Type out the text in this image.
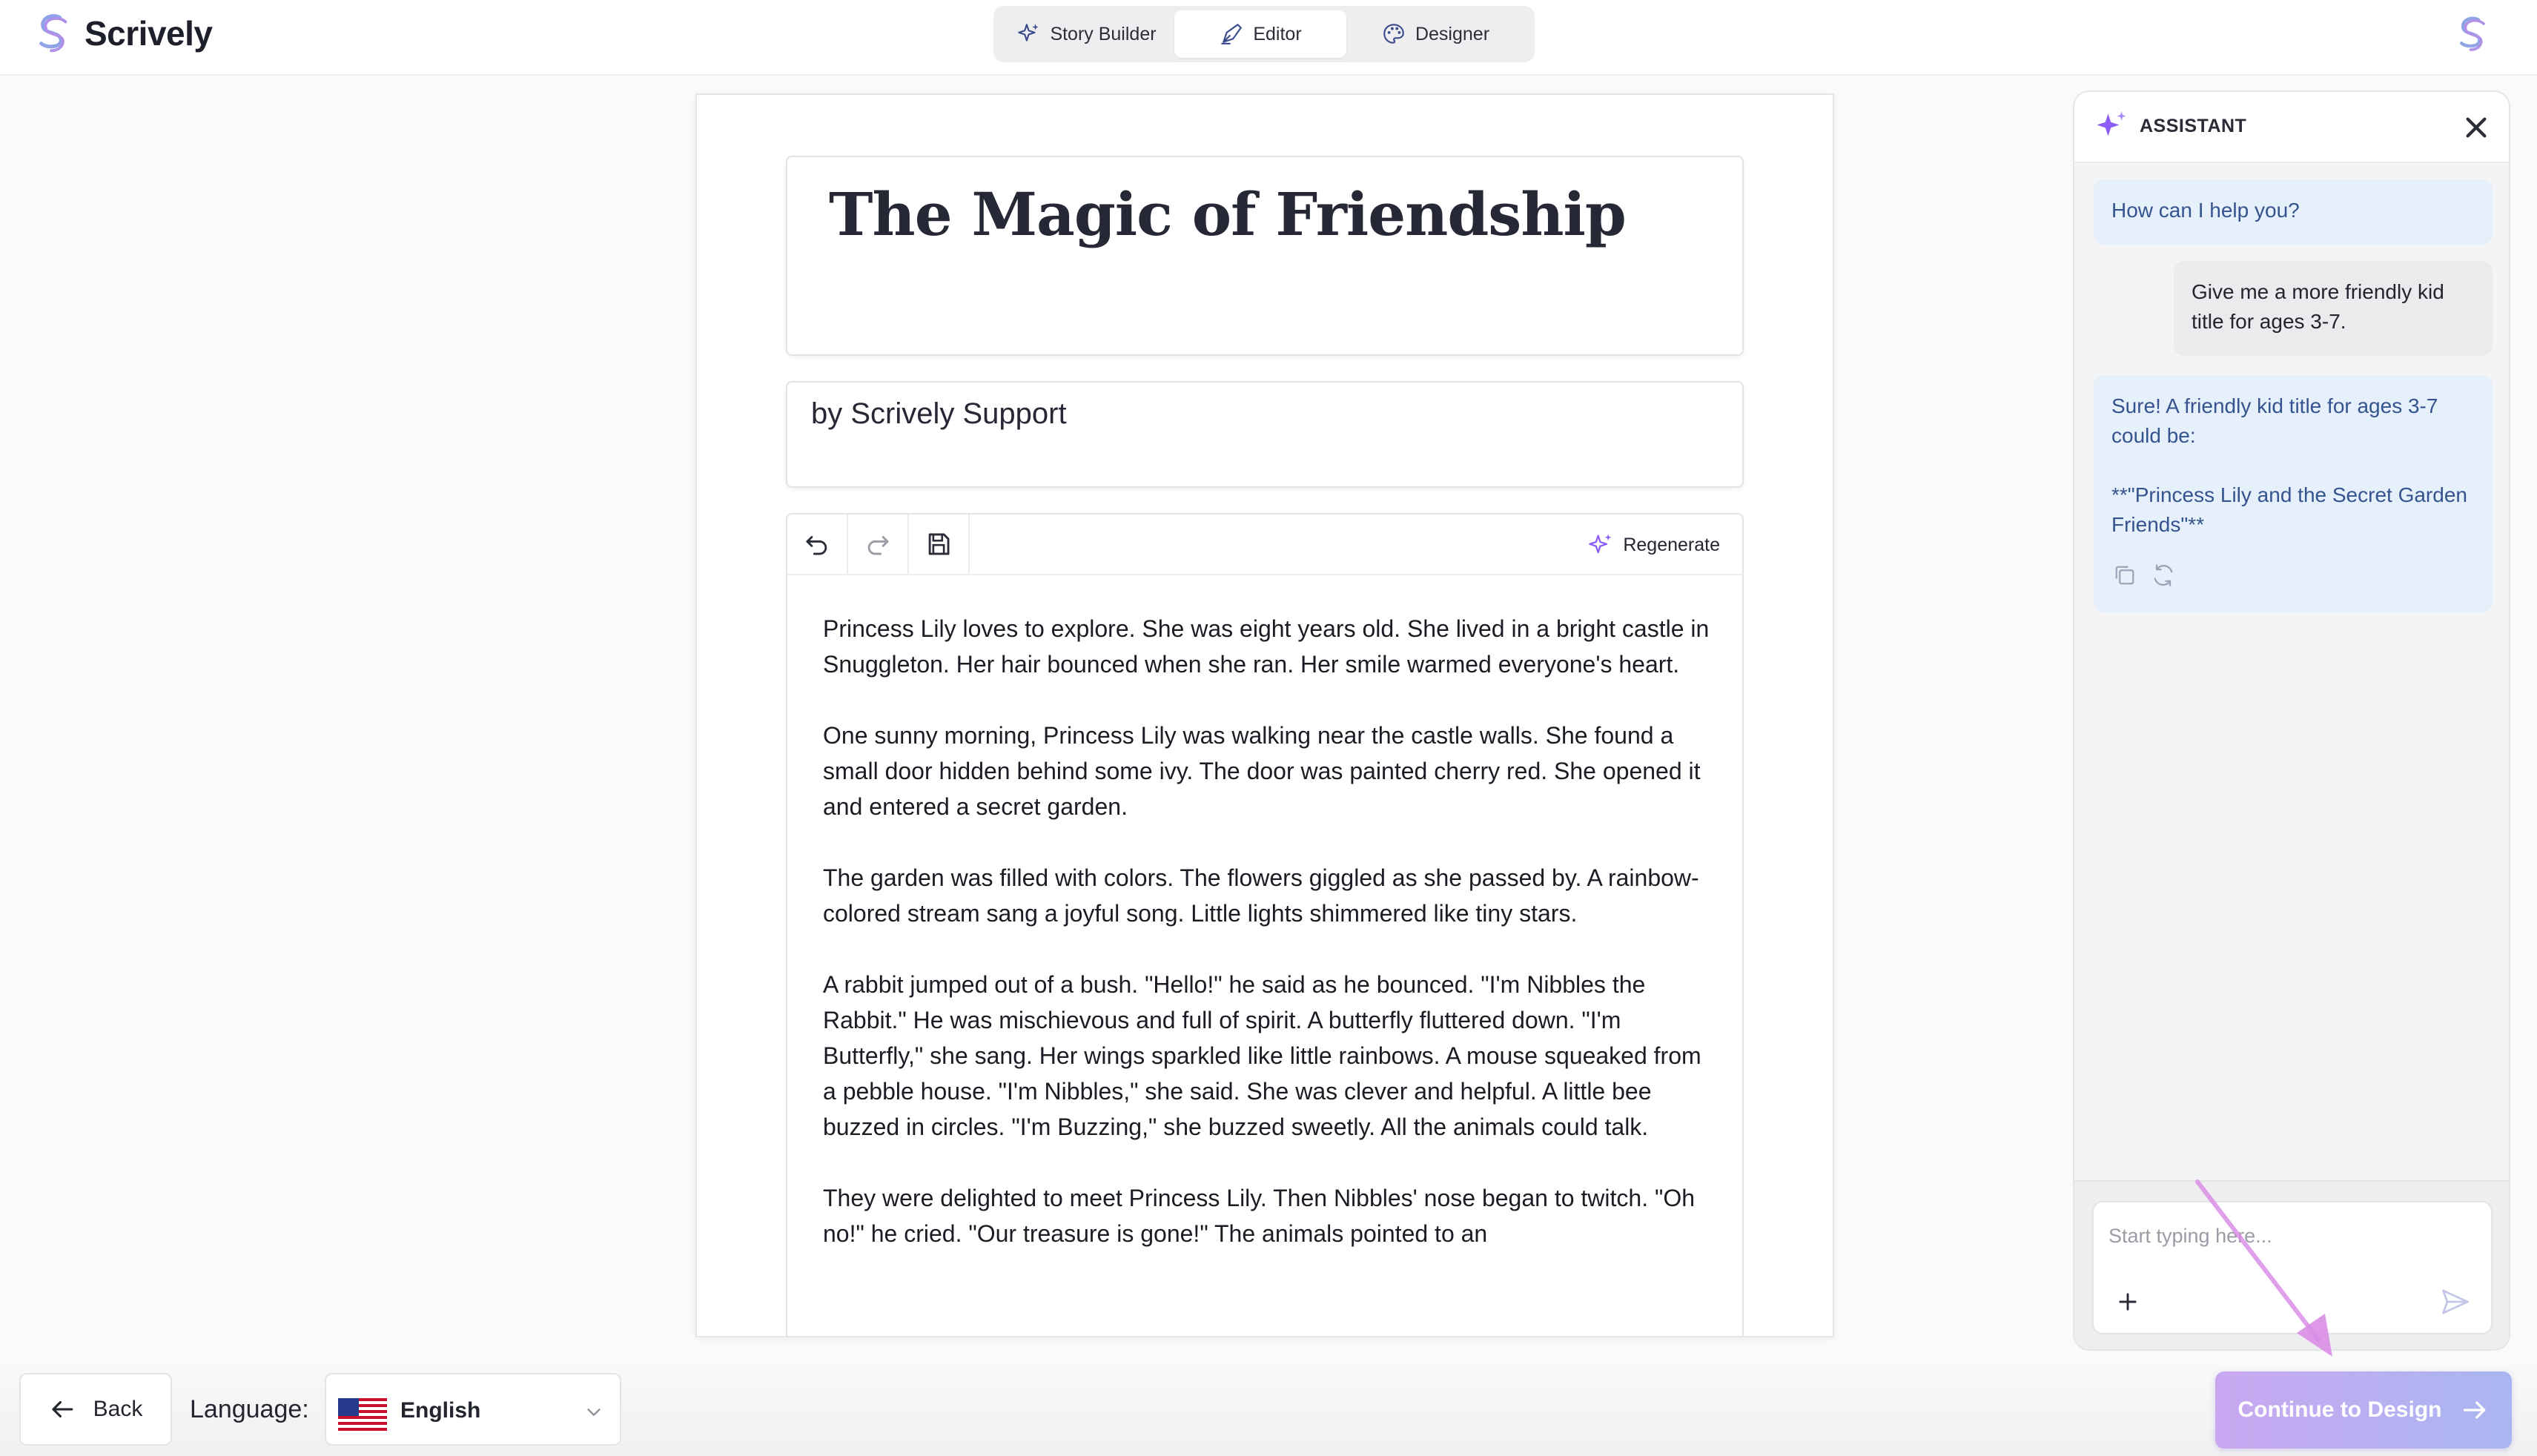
Scrively	Story Builder	Editor	Designer
The Magic of Friendship
by Scrively Support
Regenerate

Princess Lily loves to explore. She was eight years old. She lived in a bright castle in Snuggleton. Her hair bounced when she ran. Her smile warmed everyone's heart.

One sunny morning, Princess Lily was walking near the castle walls. She found a small door hidden behind some ivy. The door was painted cherry red. She opened it and entered a secret garden.

The garden was filled with colors. The flowers giggled as she passed by. A rainbow-colored stream sang a joyful song. Little lights shimmered like tiny stars.

A rabbit jumped out of a bush. "Hello!" he said as he bounced. "I'm Nibbles the Rabbit." He was mischievous and full of spirit. A butterfly fluttered down. "I'm Butterfly," she sang. Her wings sparkled like little rainbows. A mouse squeaked from a pebble house. "I'm Nibbles," she said. She was clever and helpful. A little bee buzzed in circles. "I'm Buzzing," she buzzed sweetly. All the animals could talk.

They were delighted to meet Princess Lily. Then Nibbles' nose began to twitch. "Oh no!" he cried. "Our treasure is gone!" The animals pointed to an

ASSISTANT
How can I help you?
Give me a more friendly kid title for ages 3-7.
Sure! A friendly kid title for ages 3-7 could be:
**"Princess Lily and the Secret Garden Friends"**
Start typing here...
Back Language:	English	Continue to Design
